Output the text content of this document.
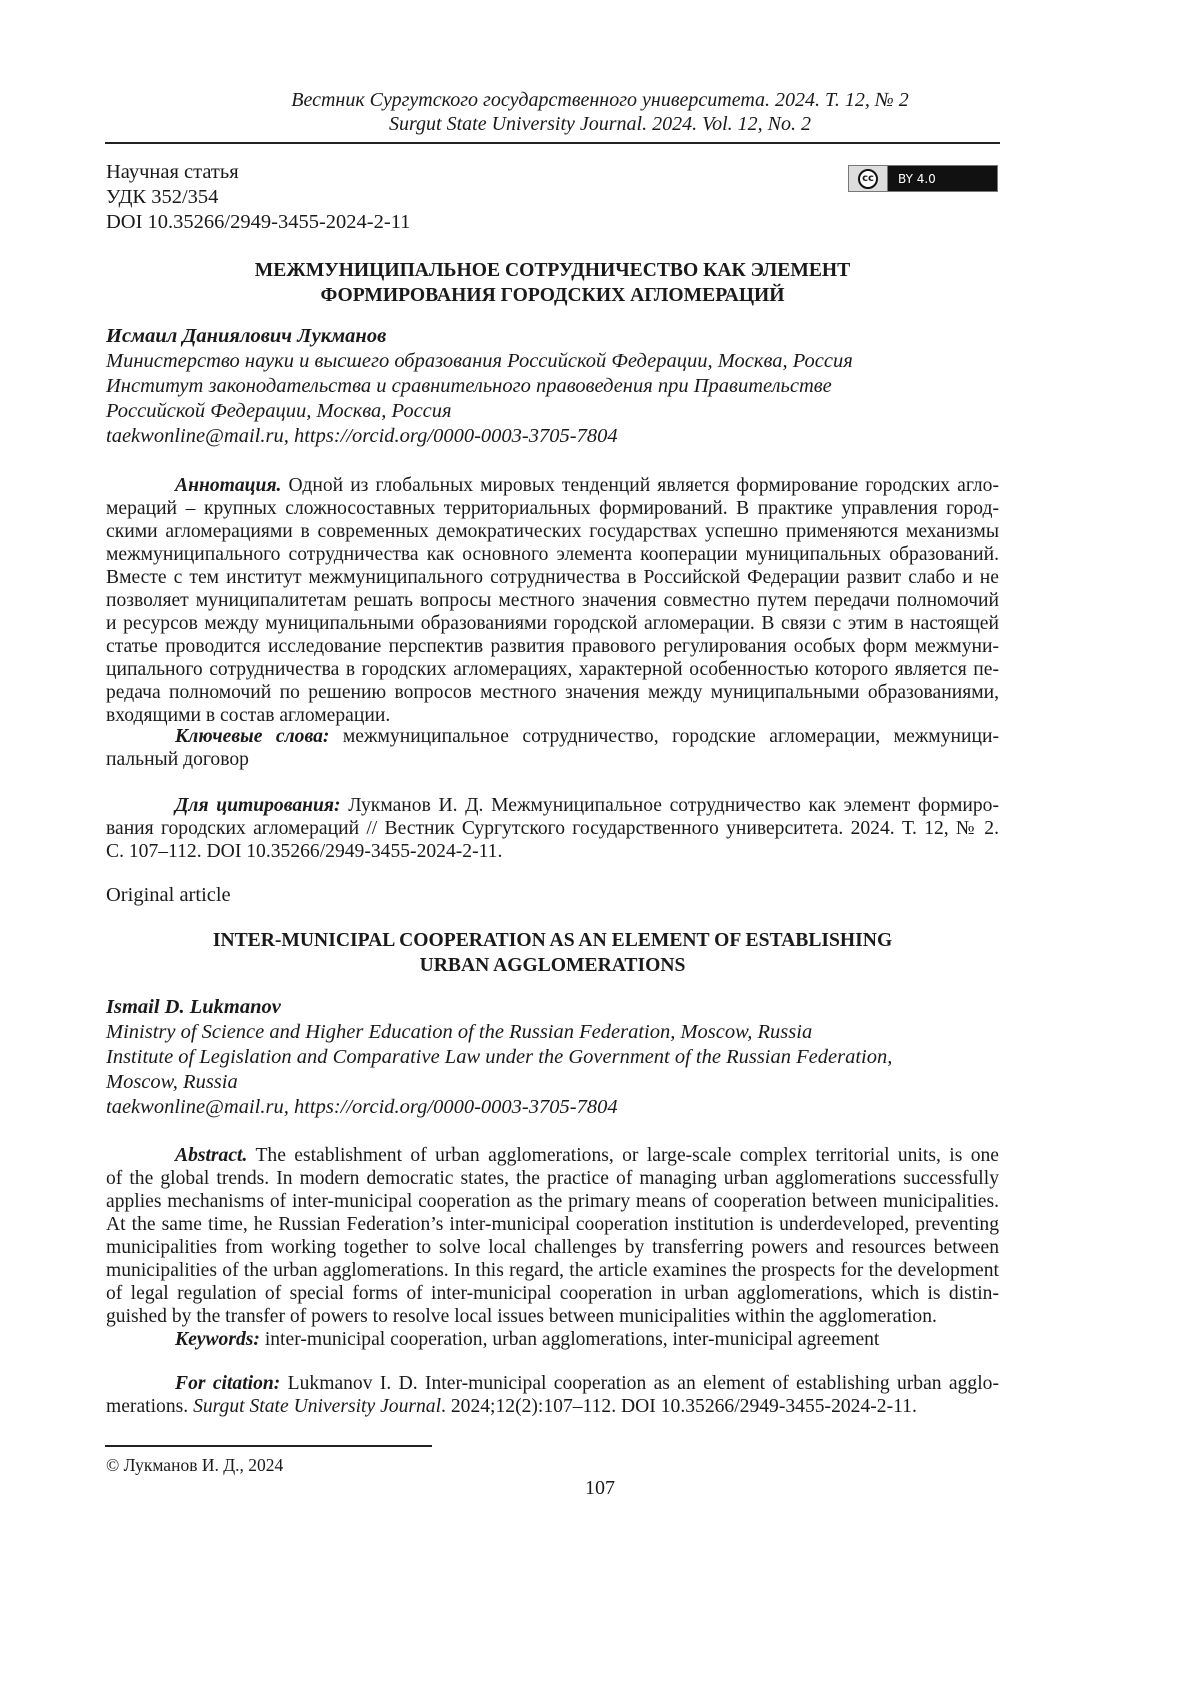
Вестник Сургутского государственного университета. 2024. Т. 12, № 2
Surgut State University Journal. 2024. Vol. 12, No. 2
Научная статья
УДК 352/354
DOI 10.35266/2949-3455-2024-2-11
cc	BY 4.0
МЕЖМУНИЦИПАЛЬНОЕ СОТРУДНИЧЕСТВО КАК ЭЛЕМЕНТ
ФОРМИРОВАНИЯ ГОРОДСКИХ АГЛОМЕРАЦИЙ
Исмаил Даниялович Лукманов
Министерство науки и высшего образования Российской Федерации, Москва, Россия
Институт законодательства и сравнительного правоведения при Правительстве
Российской Федерации, Москва, Россия
taekwonline@mail.ru, https://orcid.org/0000-0003-3705-7804
Аннотация. Одной из глобальных мировых тенденций является формирование городских агло-
мераций – крупных сложносоставных территориальных формирований. В практике управления город-
скими агломерациями в современных демократических государствах успешно применяются механизмы
межмуниципального сотрудничества как основного элемента кооперации муниципальных образований.
Вместе с тем институт межмуниципального сотрудничества в Российской Федерации развит слабо и не
позволяет муниципалитетам решать вопросы местного значения совместно путем передачи полномочий
и ресурсов между муниципальными образованиями городской агломерации. В связи с этим в настоящей
статье проводится исследование перспектив развития правового регулирования особых форм межмуни-
ципального сотрудничества в городских агломерациях, характерной особенностью которого является пе-
редача полномочий по решению вопросов местного значения между муниципальными образованиями,
входящими в состав агломерации.
Ключевые слова: межмуниципальное сотрудничество, городские агломерации, межмуници-
пальный договор
Для цитирования: Лукманов И. Д. Межмуниципальное сотрудничество как элемент формиро-
вания городских агломераций // Вестник Сургутского государственного университета. 2024. Т. 12, № 2.
С. 107–112. DOI 10.35266/2949-3455-2024-2-11.
Original article
INTER-MUNICIPAL COOPERATION AS AN ELEMENT OF ESTABLISHING
URBAN AGGLOMERATIONS
Ismail D. Lukmanov
Ministry of Science and Higher Education of the Russian Federation, Moscow, Russia
Institute of Legislation and Comparative Law under the Government of the Russian Federation,
Moscow, Russia
taekwonline@mail.ru, https://orcid.org/0000-0003-3705-7804
Abstract. The establishment of urban agglomerations, or large-scale complex territorial units, is one
of the global trends. In modern democratic states, the practice of managing urban agglomerations successfully
applies mechanisms of inter-municipal cooperation as the primary means of cooperation between municipalities.
At the same time, he Russian Federation’s inter-municipal cooperation institution is underdeveloped, preventing
municipalities from working together to solve local challenges by transferring powers and resources between
municipalities of the urban agglomerations. In this regard, the article examines the prospects for the development
of legal regulation of special forms of inter-municipal cooperation in urban agglomerations, which is distin-
guished by the transfer of powers to resolve local issues between municipalities within the agglomeration.
Keywords: inter-municipal cooperation, urban agglomerations, inter-municipal agreement
For citation: Lukmanov I. D. Inter-municipal cooperation as an element of establishing urban agglo-
merations. Surgut State University Journal. 2024;12(2):107–112. DOI 10.35266/2949-3455-2024-2-11.
© Лукманов И. Д., 2024
107
